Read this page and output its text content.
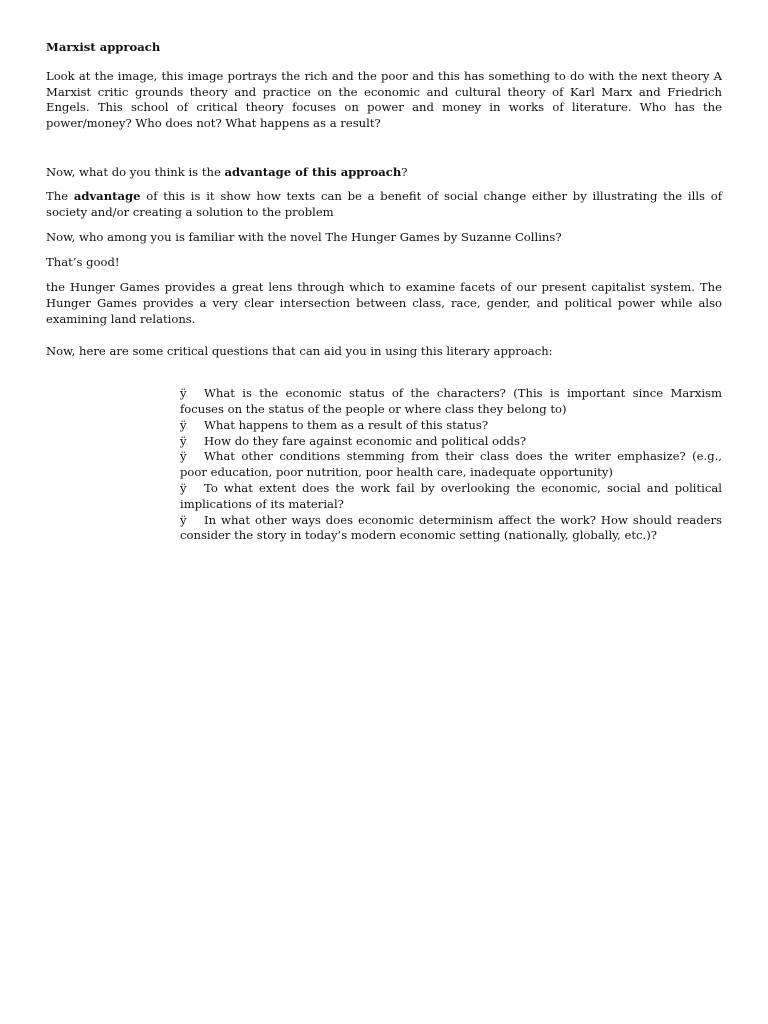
Marxist approach

Look at the image, this image portrays the rich and the poor and this has something to do with the next theory A Marxist critic grounds theory and practice on the economic and cultural theory of Karl Marx and Friedrich Engels. This school of critical theory focuses on power and money in works of literature. Who has the power/money? Who does not? What happens as a result?

Now, what do you think is the advantage of this approach?

The advantage of this is it show how texts can be a benefit of social change either by illustrating the ills of society and/or creating a solution to the problem

Now, who among you is familiar with the novel The Hunger Games by Suzanne Collins?

That’s good!

the Hunger Games provides a great lens through which to examine facets of our present capitalist system. The Hunger Games provides a very clear intersection between class, race, gender, and political power while also examining land relations.

Now, here are some critical questions that can aid you in using this literary approach:

ÿ What is the economic status of the characters? (This is important since Marxism focuses on the status of the people or where class they belong to)
ÿ What happens to them as a result of this status?
ÿ How do they fare against economic and political odds?
ÿ What other conditions stemming from their class does the writer emphasize? (e.g., poor education, poor nutrition, poor health care, inadequate opportunity)
ÿ To what extent does the work fail by overlooking the economic, social and political implications of its material?
ÿ In what other ways does economic determinism affect the work? How should readers consider the story in today’s modern economic setting (nationally, globally, etc.)?
